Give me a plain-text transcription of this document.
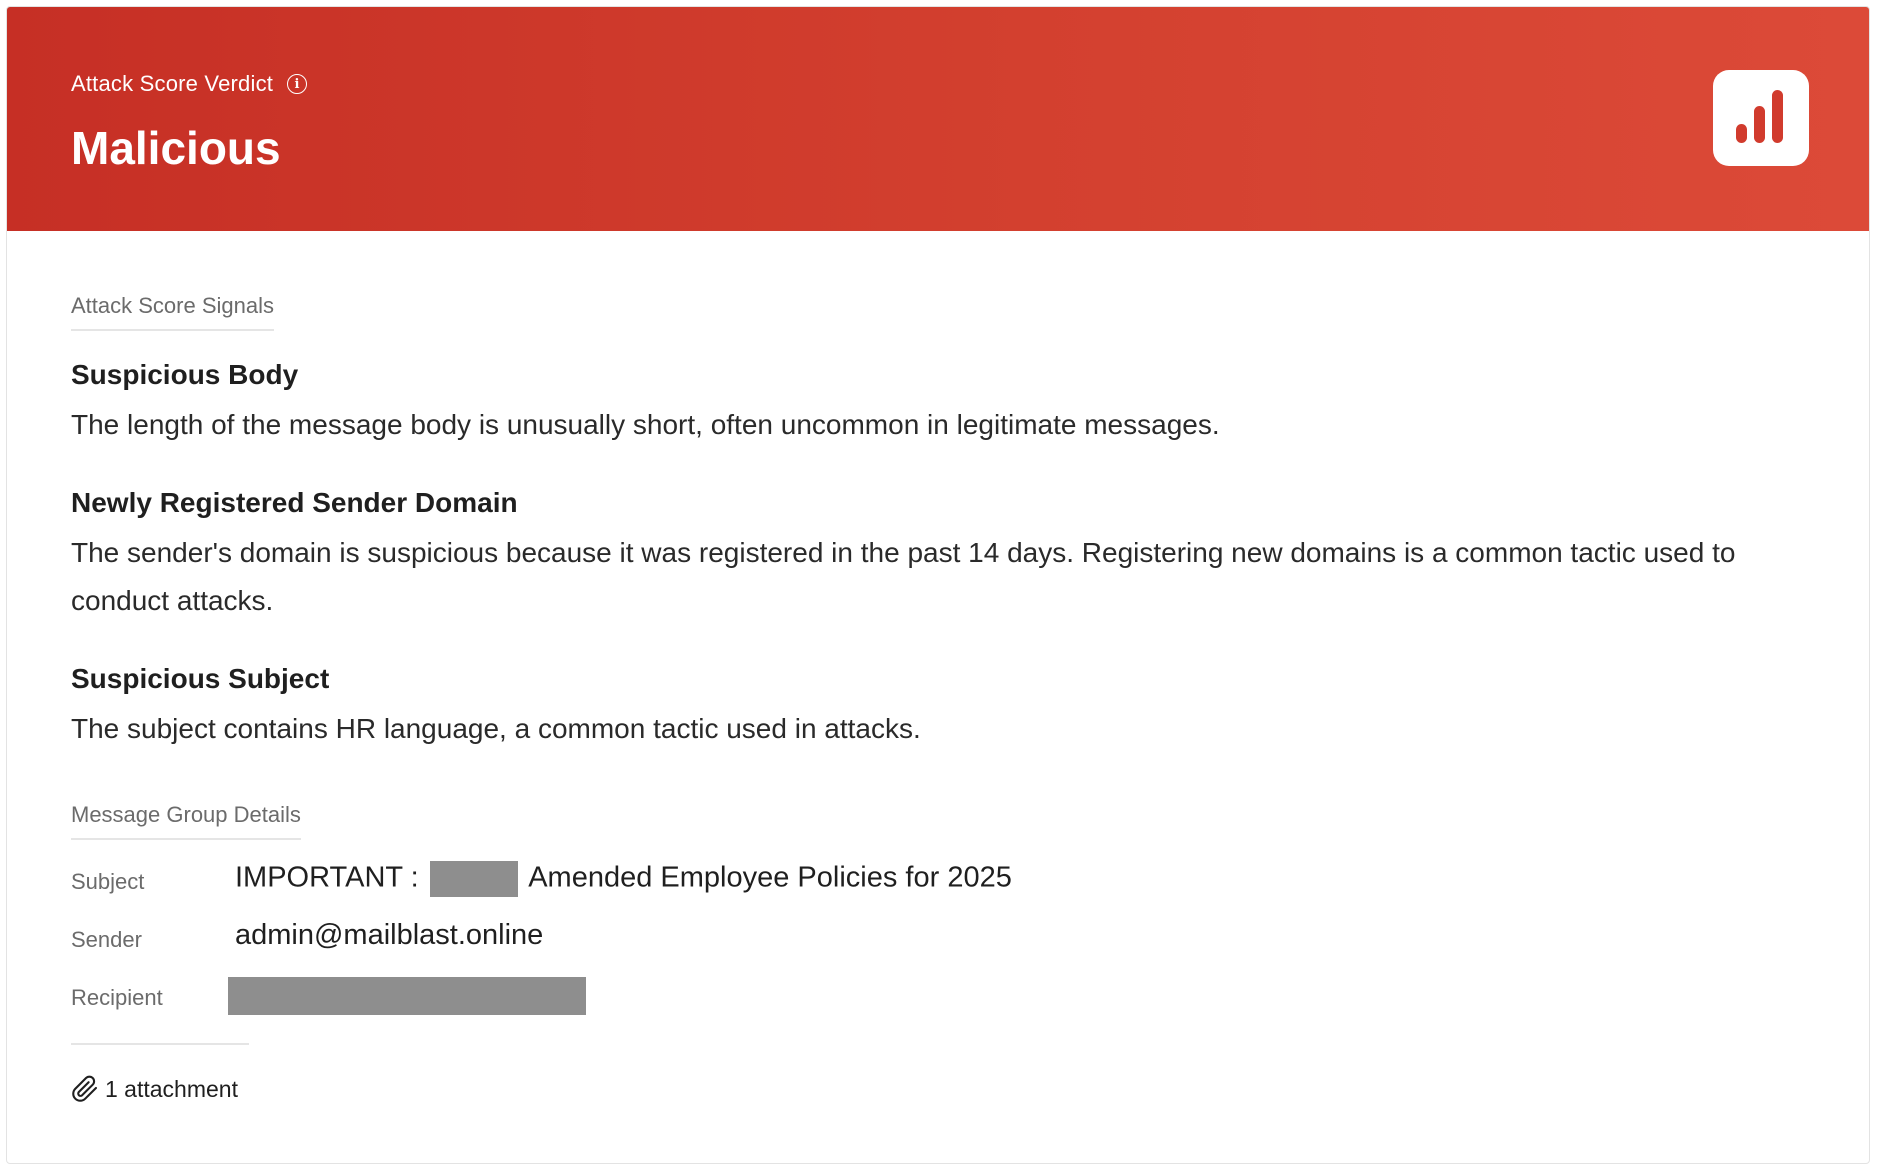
Attack Score Verdict	i
Malicious
Attack Score Signals
Suspicious Body
The length of the message body is unusually short, often uncommon in legitimate messages.
Newly Registered Sender Domain
The sender's domain is suspicious because it was registered in the past 14 days. Registering new domains is a common tactic used to conduct attacks.
Suspicious Subject
The subject contains HR language, a common tactic used in attacks.
Message Group Details
Subject	IMPORTANT :	Amended Employee Policies for 2025
Sender	admin@mailblast.online
Recipient
1 attachment
